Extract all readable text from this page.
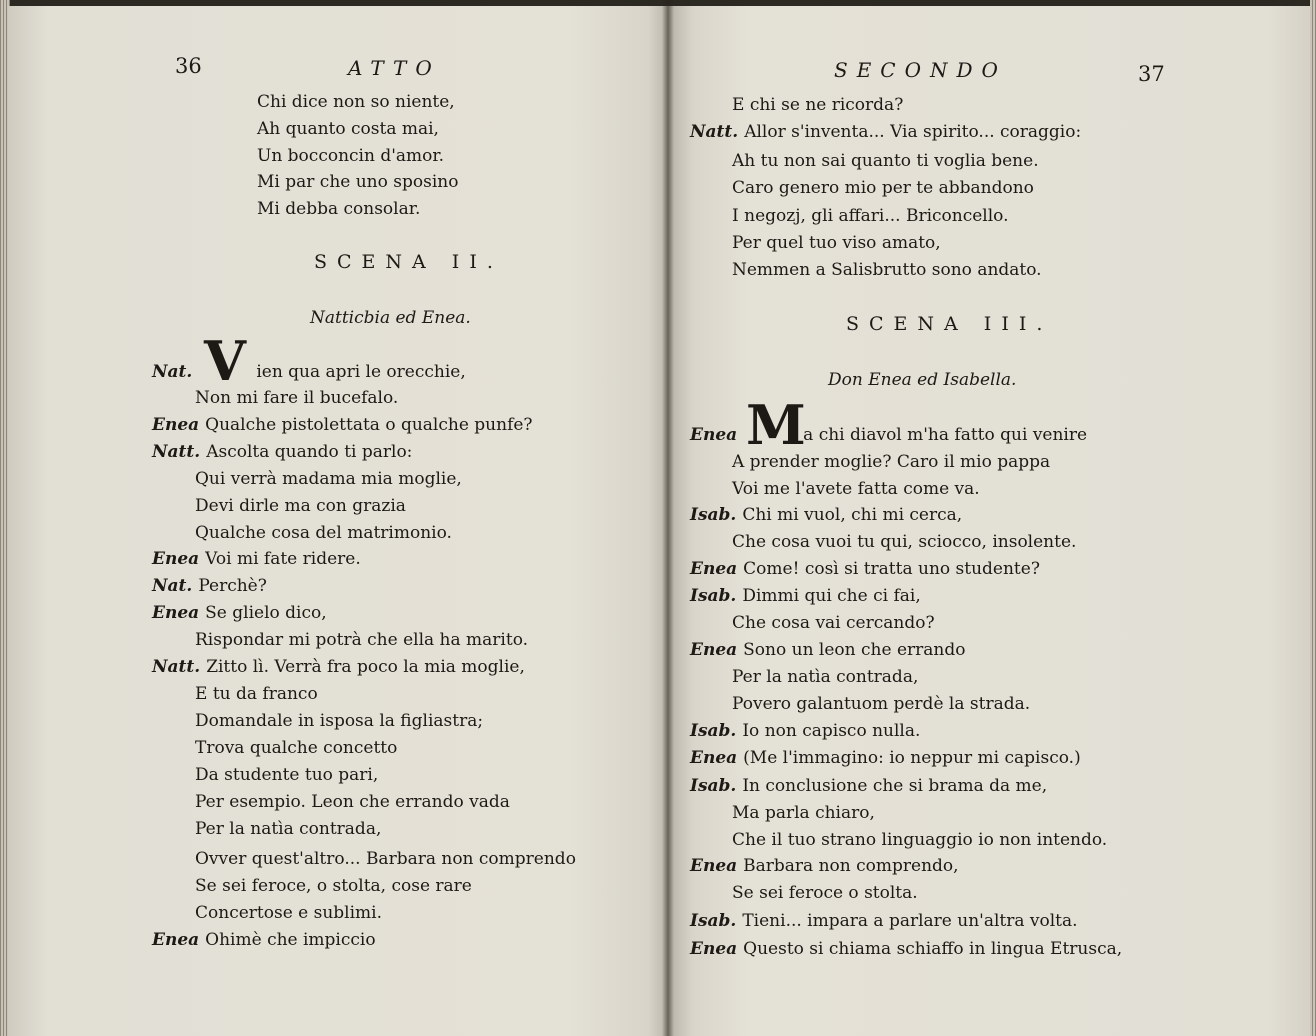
36	ATTO
Chi dice non so niente,
Ah quanto costa mai,
Un bocconcin d'amor.
Mi par che uno sposino
Mi debba consolar.
SCENA II.
Natticbia ed Enea.
V
Nat.	ien qua apri le orecchie,
Non mi fare il bucefalo.
Enea Qualche pistolettata o qualche punfe?
Natt. Ascolta quando ti parlo:
Qui verrà madama mia moglie,
Devi dirle ma con grazia
Qualche cosa del matrimonio.
Enea Voi mi fate ridere.
Nat. Perchè?
Enea Se glielo dico,
Rispondar mi potrà che ella ha marito.
Natt. Zitto lì. Verrà fra poco la mia moglie,
E tu da franco
Domandale in isposa la figliastra;
Trova qualche concetto
Da studente tuo pari,
Per esempio. Leon che errando vada
Per la natìa contrada,
Ovver quest'altro... Barbara non comprendo
Se sei feroce, o stolta, cose rare
Concertose e sublimi.
Enea Ohimè che impiccio
SECONDO	37
E chi se ne ricorda?
Natt. Allor s'inventa... Via spirito... coraggio:
Ah tu non sai quanto ti voglia bene.
Caro genero mio per te abbandono
I negozj, gli affari... Briconcello.
Per quel tuo viso amato,
Nemmen a Salisbrutto sono andato.
SCENA III.
Don Enea ed Isabella.
M
Enea	a chi diavol m'ha fatto qui venire
A prender moglie? Caro il mio pappa
Voi me l'avete fatta come va.
Isab. Chi mi vuol, chi mi cerca,
Che cosa vuoi tu qui, sciocco, insolente.
Enea Come! così si tratta uno studente?
Isab. Dimmi qui che ci fai,
Che cosa vai cercando?
Enea Sono un leon che errando
Per la natìa contrada,
Povero galantuom perdè la strada.
Isab. Io non capisco nulla.
Enea (Me l'immagino: io neppur mi capisco.)
Isab. In conclusione che si brama da me,
Ma parla chiaro,
Che il tuo strano linguaggio io non intendo.
Enea Barbara non comprendo,
Se sei feroce o stolta.
Isab. Tieni... impara a parlare un'altra volta.
Enea Questo si chiama schiaffo in lingua Etrusca,
